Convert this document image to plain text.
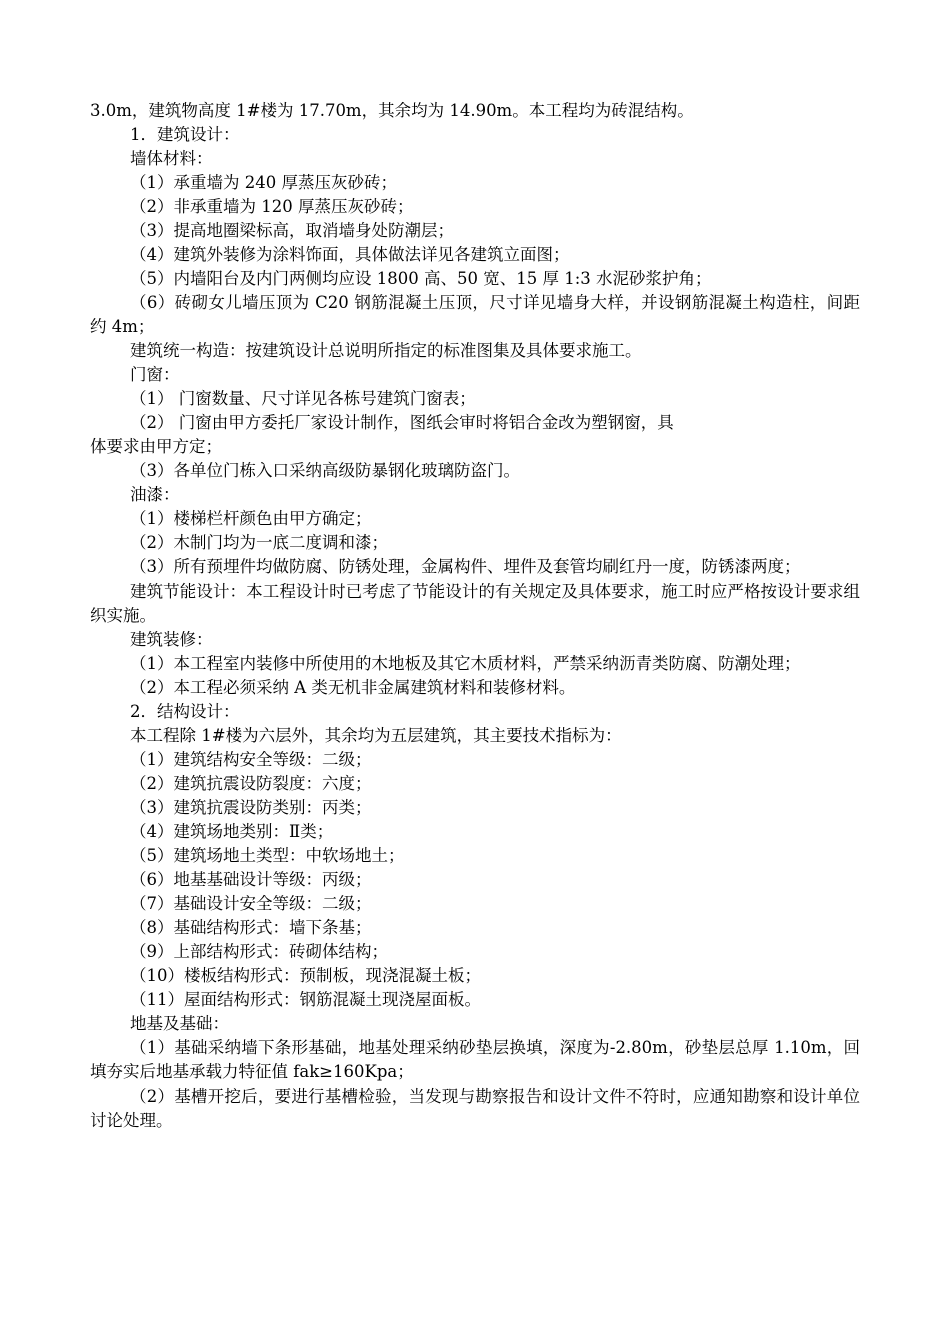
3.0m，建筑物高度 1#楼为 17.70m，其余均为 14.90m。本工程均为砖混结构。

1．建筑设计：

墙体材料：

（1）承重墙为 240 厚蒸压灰砂砖；

（2）非承重墙为 120 厚蒸压灰砂砖；

（3）提高地圈梁标高，取消墙身处防潮层；

（4）建筑外装修为涂料饰面，具体做法详见各建筑立面图；

（5）内墙阳台及内门两侧均应设 1800 高、50 宽、15 厚 1:3 水泥砂浆护角；

（6）砖砌女儿墙压顶为 C20 钢筋混凝土压顶，尺寸详见墙身大样，并设钢筋混凝土构造柱，间距约 4m；

建筑统一构造：按建筑设计总说明所指定的标准图集及具体要求施工。

门窗：

（1） 门窗数量、尺寸详见各栋号建筑门窗表；

（2） 门窗由甲方委托厂家设计制作，图纸会审时将铝合金改为塑钢窗，具

体要求由甲方定；

（3）各单位门栋入口采纳高级防暴钢化玻璃防盗门。

油漆：

（1）楼梯栏杆颜色由甲方确定；

（2）木制门均为一底二度调和漆；

（3）所有预埋件均做防腐、防锈处理，金属构件、埋件及套管均刷红丹一度，防锈漆两度；

建筑节能设计：本工程设计时已考虑了节能设计的有关规定及具体要求，施工时应严格按设计要求组织实施。

建筑装修：

（1）本工程室内装修中所使用的木地板及其它木质材料，严禁采纳沥青类防腐、防潮处理；

（2）本工程必须采纳 A 类无机非金属建筑材料和装修材料。

2．结构设计：

本工程除 1#楼为六层外，其余均为五层建筑，其主要技术指标为：

（1）建筑结构安全等级：二级；

（2）建筑抗震设防裂度：六度；

（3）建筑抗震设防类别：丙类；

（4）建筑场地类别：Ⅱ类；

（5）建筑场地土类型：中软场地土；

（6）地基基础设计等级：丙级；

（7）基础设计安全等级：二级；

（8）基础结构形式：墙下条基；

（9）上部结构形式：砖砌体结构；

（10）楼板结构形式：预制板，现浇混凝土板；

（11）屋面结构形式：钢筋混凝土现浇屋面板。

地基及基础：

（1）基础采纳墙下条形基础，地基处理采纳砂垫层换填，深度为-2.80m，砂垫层总厚 1.10m，回填夯实后地基承载力特征值 fak≥160Kpa；

（2）基槽开挖后，要进行基槽检验，当发现与勘察报告和设计文件不符时，应通知勘察和设计单位讨论处理。
